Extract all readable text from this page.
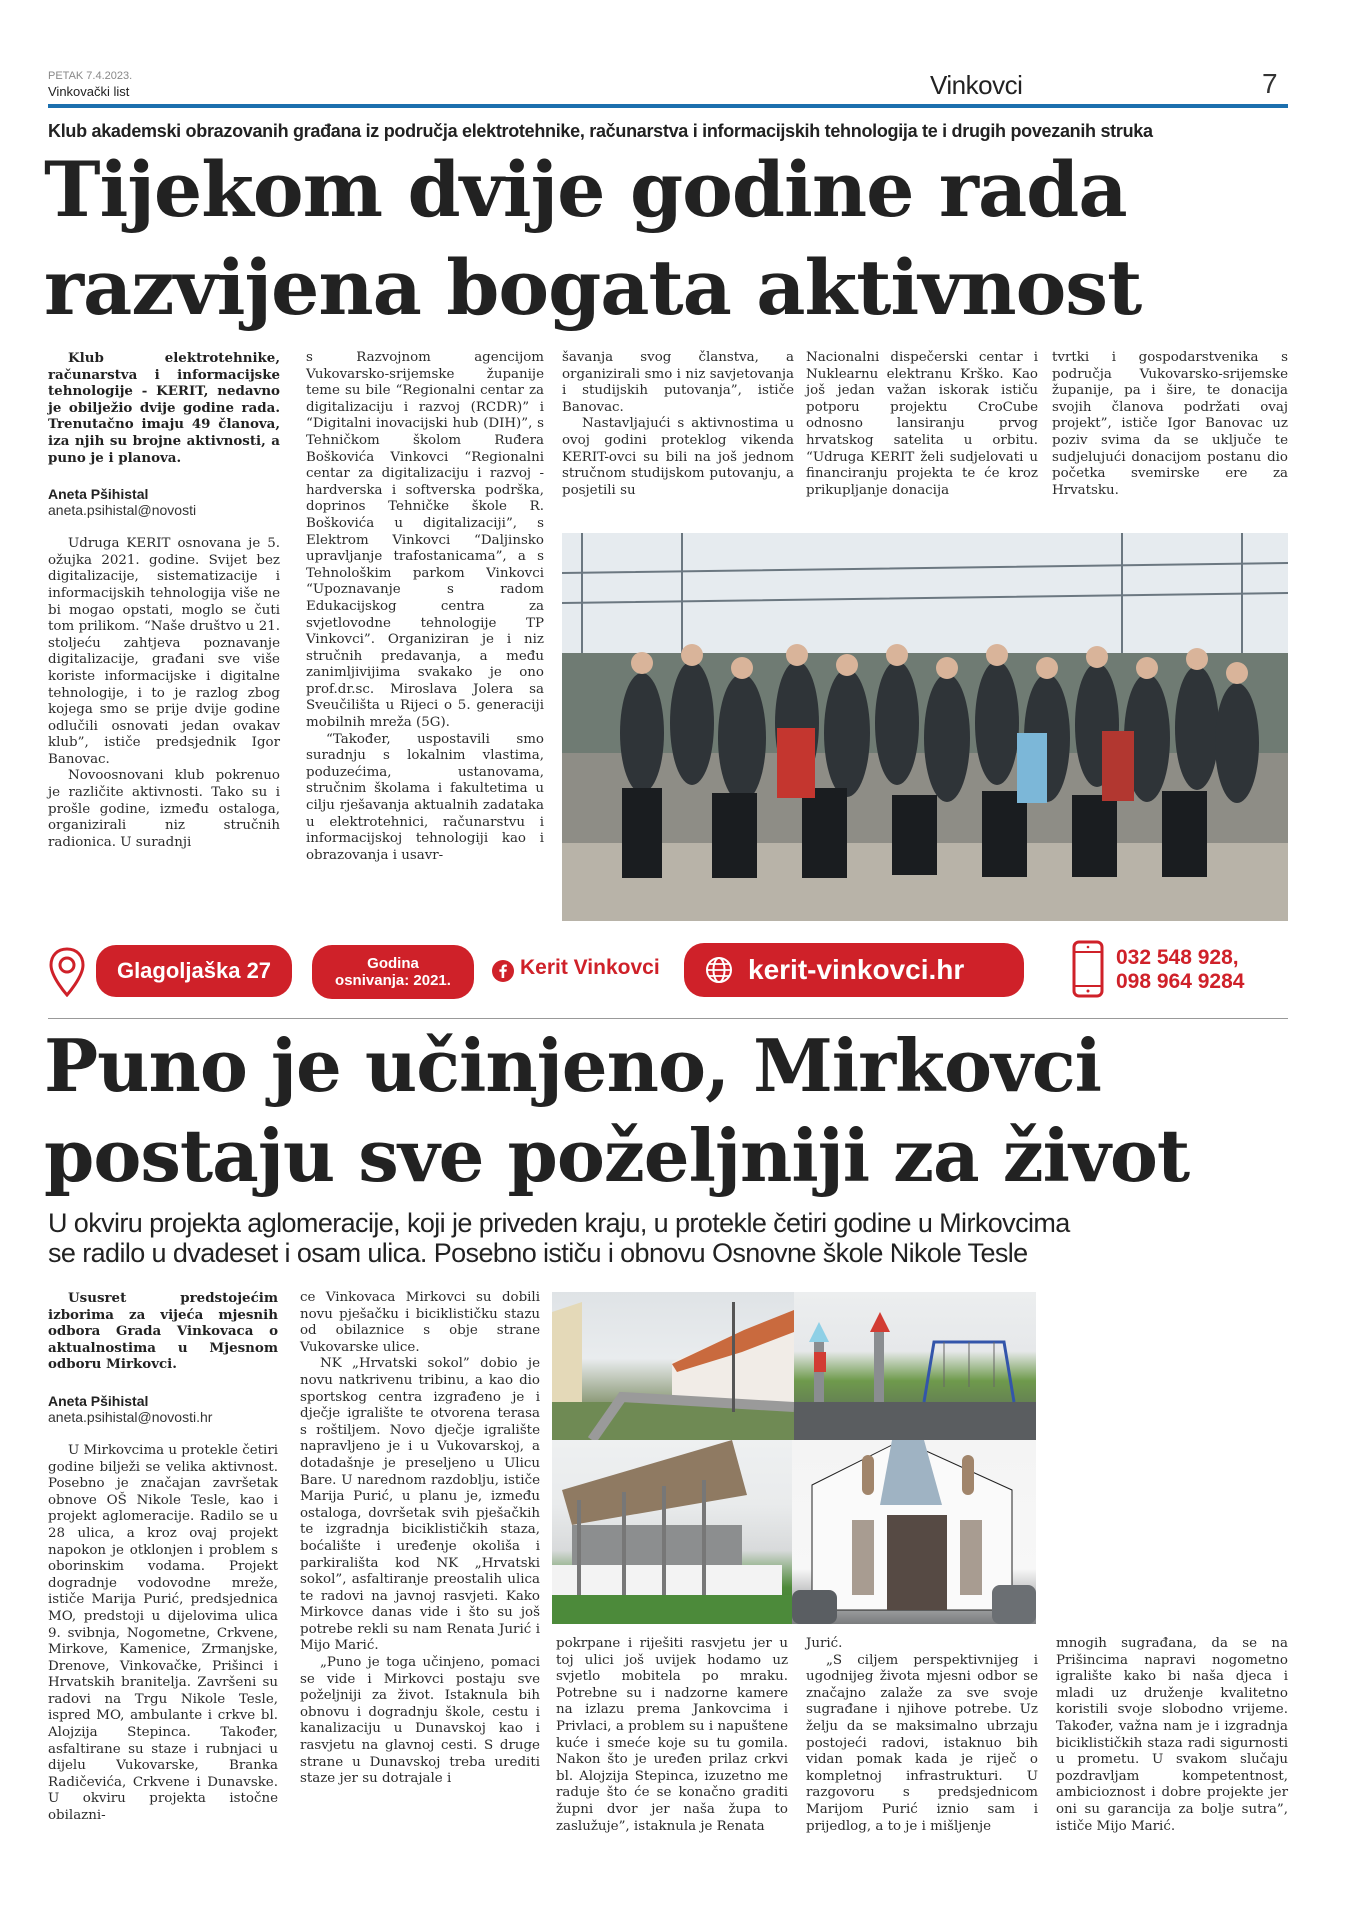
PETAK 7.4.2023.
Vinkovački list	Vinkovci	7
Klub akademski obrazovanih građana iz područja elektrotehnike, računarstva i informacijskih tehnologija te i drugih povezanih struka
Tijekom dvije godine rada
razvijena bogata aktivnost

Klub elektrotehnike, računarstva i informacijske tehnologije - KERIT, nedavno je obilježio dvije godine rada. Trenutačno imaju 49 članova, iza njih su brojne aktivnosti, a puno je i planova.

Aneta Pšihistal
aneta.psihistal@novosti

Udruga KERIT osnovana je 5. ožujka 2021. godine. Svijet bez digitalizacije, sistematizacije i informacijskih tehnologija više ne bi mogao opstati, moglo se čuti tom prilikom. “Naše društvo u 21. stoljeću zahtjeva poznavanje digitalizacije, građani sve više koriste informacijske i digitalne tehnologije, i to je razlog zbog kojega smo se prije dvije godine odlučili osnovati jedan ovakav klub”, ističe predsjednik Igor Banovac.

Novoosnovani klub pokrenuo je različite aktivnosti. Tako su i prošle godine, između ostaloga, organizirali niz stručnih radionica. U suradnji

s Razvojnom agencijom Vukovarsko-srijemske županije teme su bile “Regionalni centar za digitalizaciju i razvoj (RCDR)” i “Digitalni inovacijski hub (DIH)”, s Tehničkom školom Ruđera Boškovića Vinkovci “Regionalni centar za digitalizaciju i razvoj - hardverska i softverska podrška, doprinos Tehničke škole R. Boškovića u digitalizaciji”, s Elektrom Vinkovci “Daljinsko upravljanje trafostanicama”, a s Tehnološkim parkom Vinkovci “Upoznavanje s radom Edukacijskog centra za svjetlovodne tehnologije TP Vinkovci”. Organiziran je i niz stručnih predavanja, a među zanimljivijima svakako je ono prof.dr.sc. Miroslava Jolera sa Sveučilišta u Rijeci o 5. generaciji mobilnih mreža (5G).

“Također, uspostavili smo suradnju s lokalnim vlastima, poduzećima, ustanovama, stručnim školama i fakultetima u cilju rješavanja aktualnih zadataka u elektrotehnici, računarstvu i informacijskoj tehnologiji kao i obrazovanja i usavr-

šavanja svog članstva, a organizirali smo i niz savjetovanja i studijskih putovanja”, ističe Banovac.

Nastavljajući s aktivnostima u ovoj godini proteklog vikenda KERIT-ovci su bili na još jednom stručnom studijskom putovanju, a posjetili su

Nacionalni dispečerski centar i Nuklearnu elektranu Krško. Kao još jedan važan iskorak ističu potporu projektu CroCube odnosno lansiranju prvog hrvatskog satelita u orbitu. “Udruga KERIT želi sudjelovati u financiranju projekta te će kroz prikupljanje donacija

tvrtki i gospodarstvenika s područja Vukovarsko-srijemske županije, pa i šire, te donacija svojih članova podržati ovaj projekt”, ističe Igor Banovac uz poziv svima da se uključe te sudjelujući donacijom postanu dio početka svemirske ere za Hrvatsku.

Glagoljaška 27	Godina
osnivanja: 2021.
Kerit Vinkovci	kerit-vinkovci.hr	032 548 928,
098 964 9284
Puno je učinjeno, Mirkovci
postaju sve poželjniji za život
U okviru projekta aglomeracije, koji je priveden kraju, u protekle četiri godine u Mirkovcima
se radilo u dvadeset i osam ulica. Posebno ističu i obnovu Osnovne škole Nikole Tesle

Ususret predstojećim izborima za vijeća mjesnih odbora Grada Vinkovaca o aktualnostima u Mjesnom odboru Mirkovci.

Aneta Pšihistal
aneta.psihistal@novosti.hr

U Mirkovcima u protekle četiri godine bilježi se velika aktivnost. Posebno je značajan završetak obnove OŠ Nikole Tesle, kao i projekt aglomeracije. Radilo se u 28 ulica, a kroz ovaj projekt napokon je otklonjen i problem s oborinskim vodama. Projekt dogradnje vodovodne mreže, ističe Marija Purić, predsjednica MO, predstoji u dijelovima ulica 9. svibnja, Nogometne, Crkvene, Mirkove, Kamenice, Zrmanjske, Drenove, Vinkovačke, Prišinci i Hrvatskih branitelja. Završeni su radovi na Trgu Nikole Tesle, ispred MO, ambulante i crkve bl. Alojzija Stepinca. Također, asfaltirane su staze i rubnjaci u dijelu Vukovarske, Branka Radičevića, Crkvene i Dunavske. U okviru projekta istočne obilazni-

ce Vinkovaca Mirkovci su dobili novu pješačku i biciklističku stazu od obilaznice s obje strane Vukovarske ulice.

NK „Hrvatski sokol” dobio je novu natkrivenu tribinu, a kao dio sportskog centra izgrađeno je i dječje igralište te otvorena terasa s roštiljem. Novo dječje igralište napravljeno je i u Vukovarskoj, a dotadašnje je preseljeno u Ulicu Bare. U narednom razdoblju, ističe Marija Purić, u planu je, između ostaloga, dovršetak svih pješačkih te izgradnja biciklističkih staza, boćalište i uređenje okoliša i parkirališta kod NK „Hrvatski sokol”, asfaltiranje preostalih ulica te radovi na javnoj rasvjeti. Kako Mirkovce danas vide i što su još potrebe rekli su nam Renata Jurić i Mijo Marić.

„Puno je toga učinjeno, pomaci se vide i Mirkovci postaju sve poželjniji za život. Istaknula bih obnovu i dogradnju škole, cestu i kanalizaciju u Dunavskoj kao i rasvjetu na glavnoj cesti. S druge strane u Dunavskoj treba urediti staze jer su dotrajale i

pokrpane i riješiti rasvjetu jer u toj ulici još uvijek hodamo uz svjetlo mobitela po mraku. Potrebne su i nadzorne kamere na izlazu prema Jankovcima i Privlaci, a problem su i napuštene kuće i smeće koje su tu gomila. Nakon što je uređen prilaz crkvi bl. Alojzija Stepinca, izuzetno me raduje što će se konačno graditi župni dvor jer naša župa to zaslužuje”, istaknula je Renata

Jurić.

„S ciljem perspektivnijeg i ugodnijeg života mjesni odbor se značajno zalaže za sve svoje sugrađane i njihove potrebe. Uz želju da se maksimalno ubrzaju postojeći radovi, istaknuo bih vidan pomak kada je riječ o kompletnoj infrastrukturi. U razgovoru s predsjednicom Marijom Purić iznio sam i prijedlog, a to je i mišljenje

mnogih sugrađana, da se na Prišincima napravi nogometno igralište kako bi naša djeca i mladi uz druženje kvalitetno koristili svoje slobodno vrijeme. Također, važna nam je i izgradnja biciklističkih staza radi sigurnosti u prometu. U svakom slučaju pozdravljam kompetentnost, ambicioznost i dobre projekte jer oni su garancija za bolje sutra”, ističe Mijo Marić.
